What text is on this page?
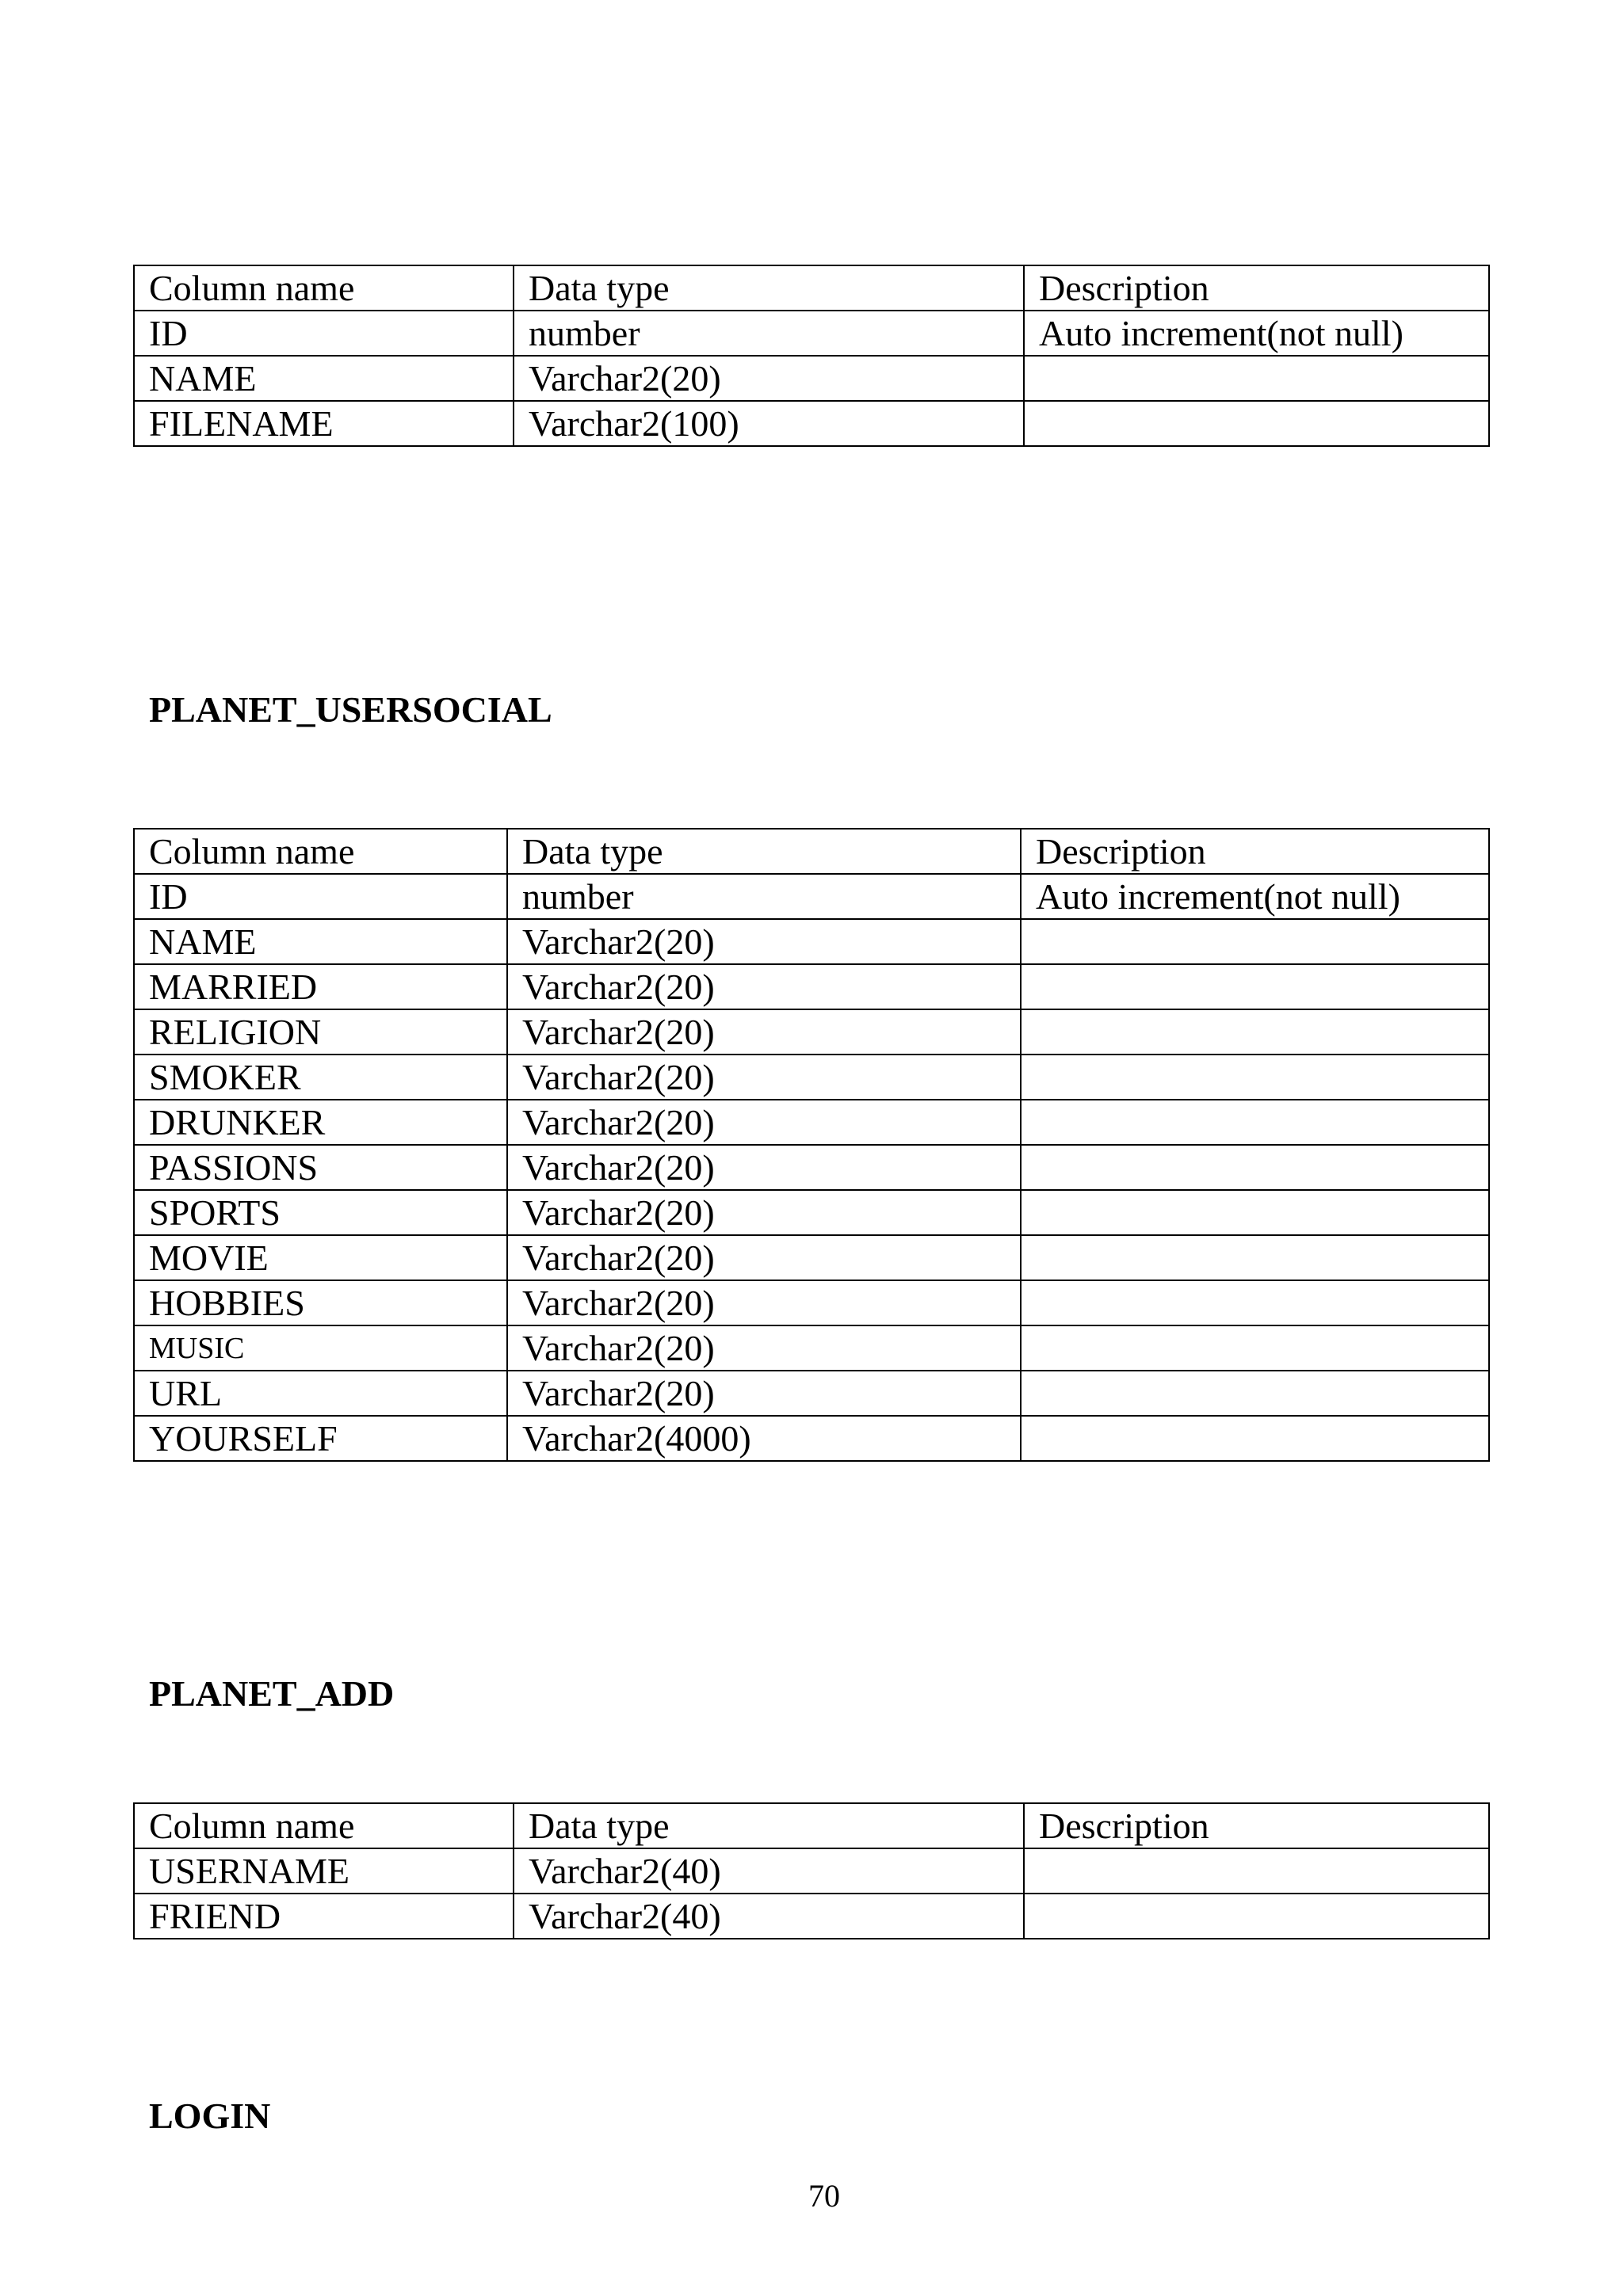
Column name	Data type	Description
ID	number	Auto increment(not null)
NAME	Varchar2(20)	
FILENAME	Varchar2(100)	
PLANET_USERSOCIAL
Column name	Data type	Description
ID	number	Auto increment(not null)
NAME	Varchar2(20)	
MARRIED	Varchar2(20)	
RELIGION	Varchar2(20)	
SMOKER	Varchar2(20)	
DRUNKER	Varchar2(20)	
PASSIONS	Varchar2(20)	
SPORTS	Varchar2(20)	
MOVIE	Varchar2(20)	
HOBBIES	Varchar2(20)	
MUSIC	Varchar2(20)	
URL	Varchar2(20)	
YOURSELF	Varchar2(4000)	
PLANET_ADD
Column name	Data type	Description
USERNAME	Varchar2(40)	
FRIEND	Varchar2(40)	
LOGIN
70
